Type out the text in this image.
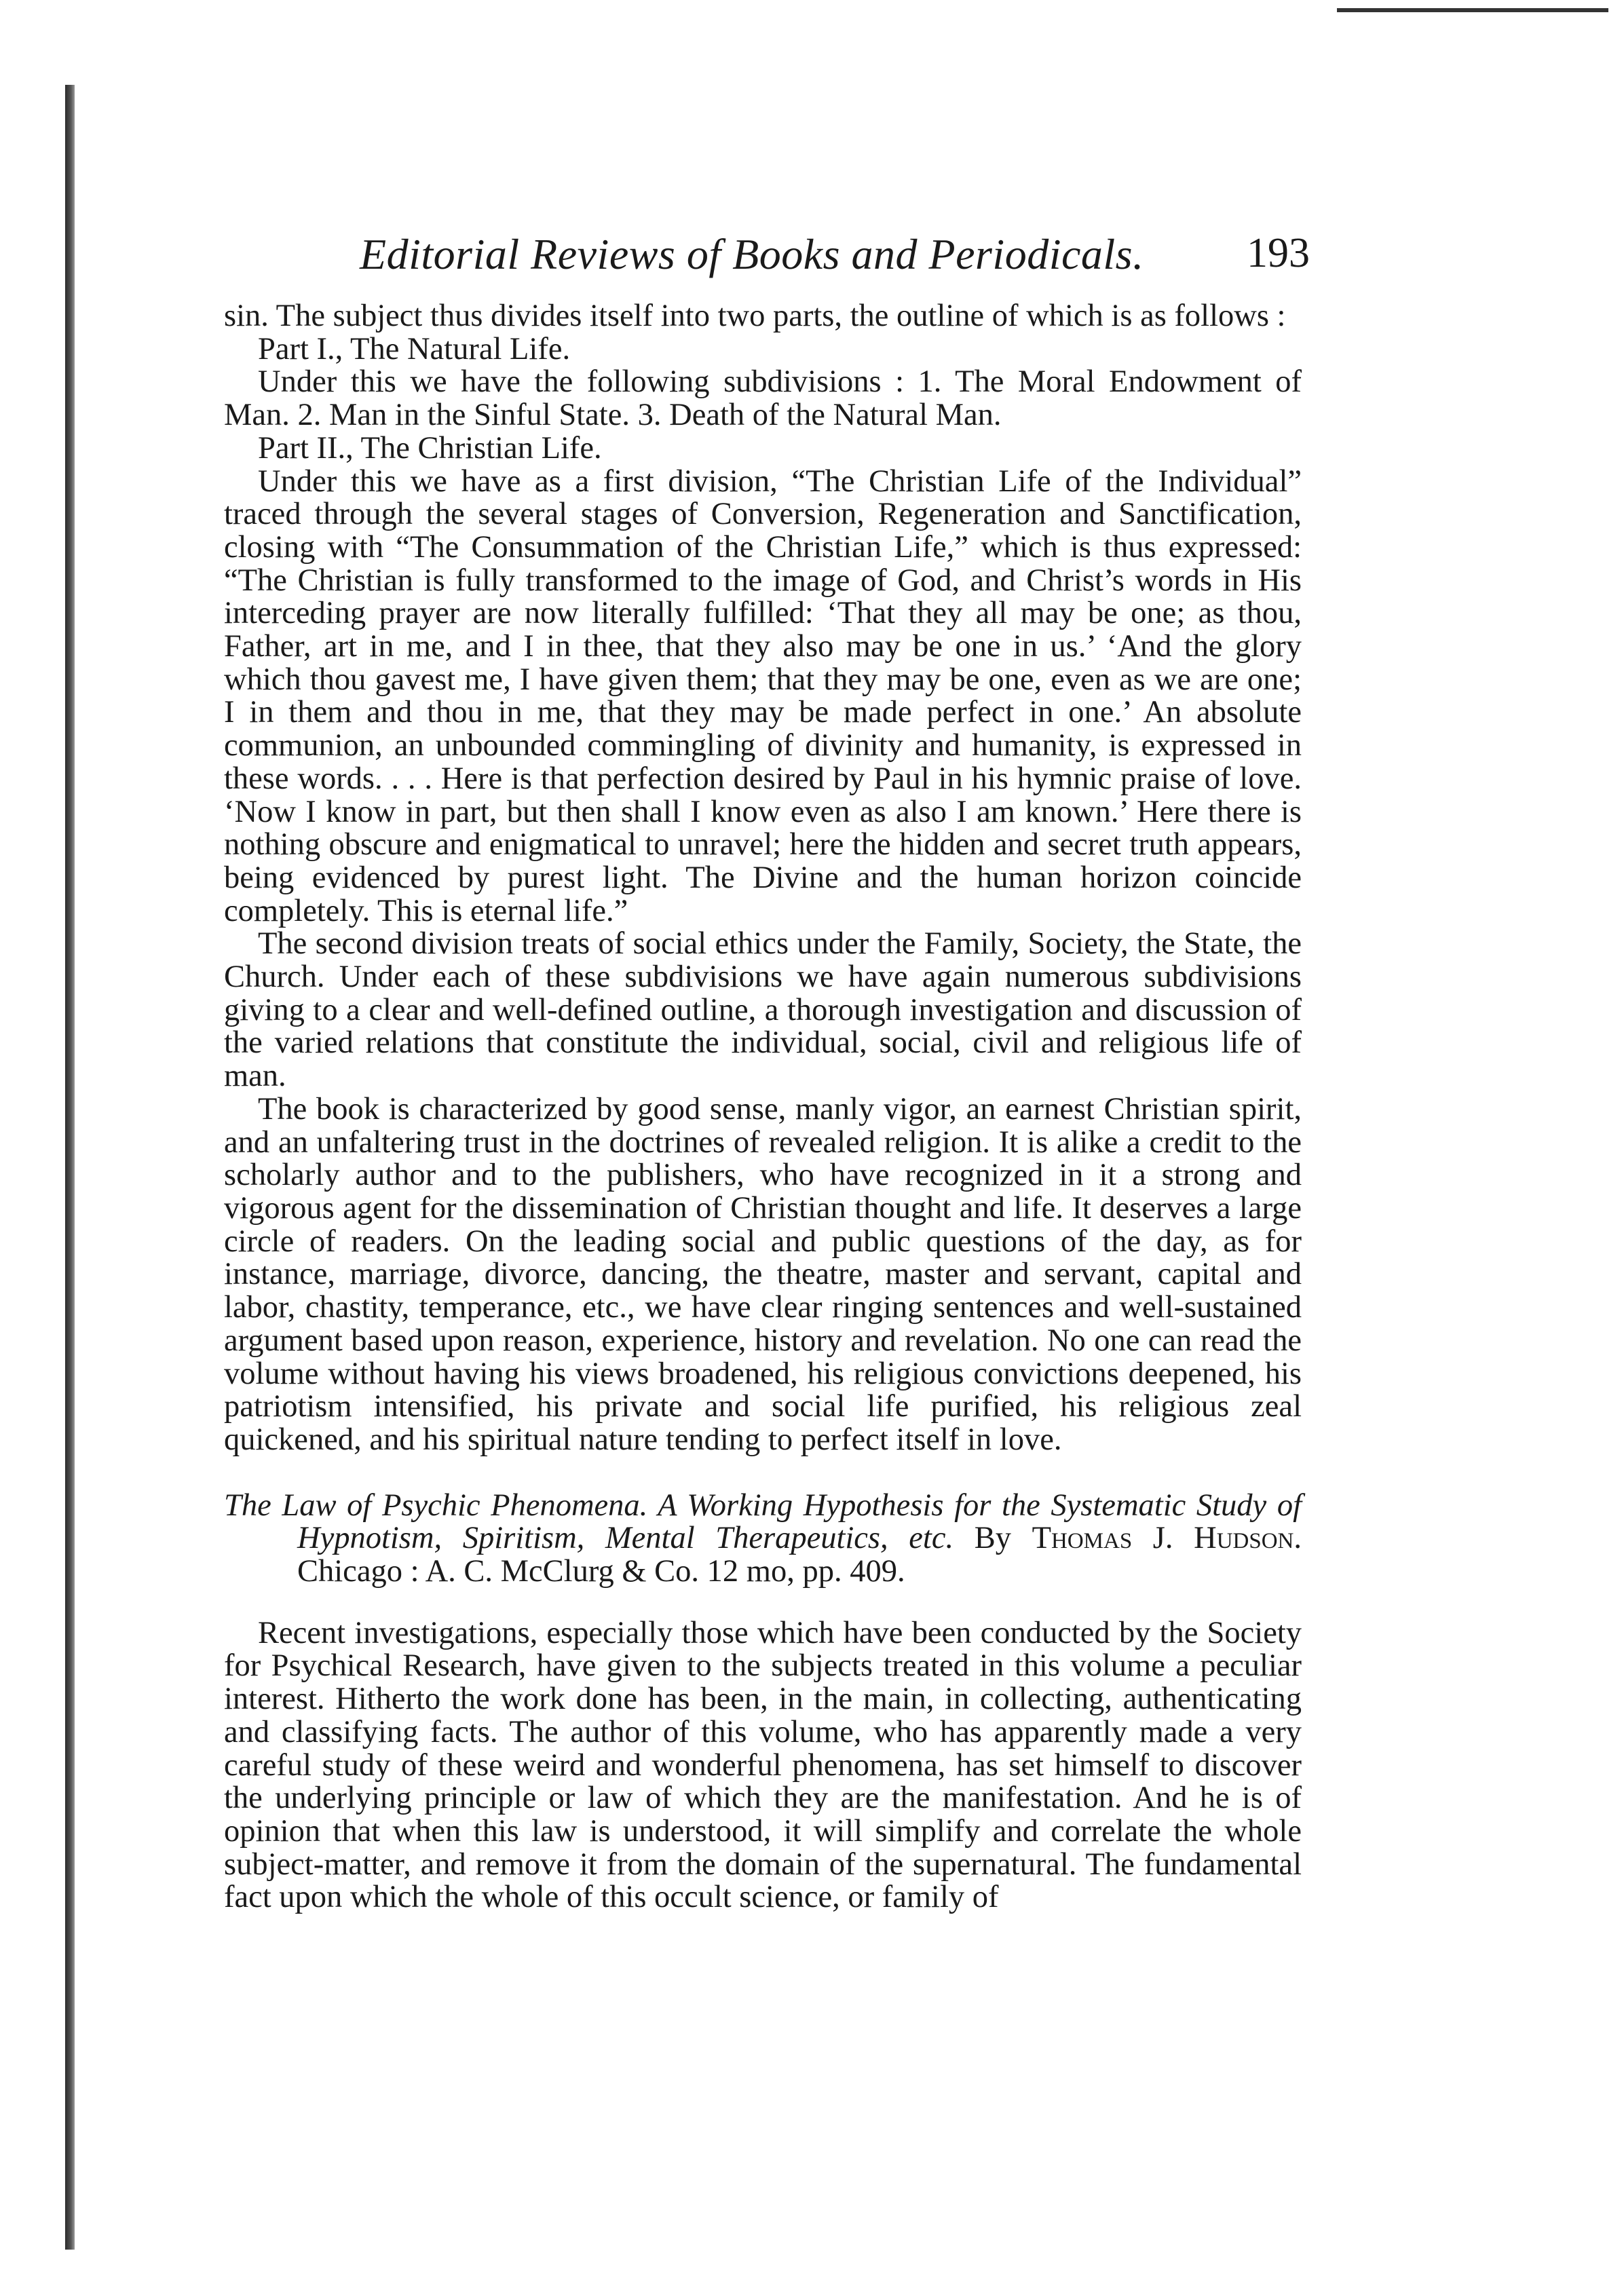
Editorial Reviews of Books and Periodicals. 193

sin. The subject thus divides itself into two parts, the outline of which is as follows :

Part I., The Natural Life.

Under this we have the following subdivisions : 1. The Moral Endowment of Man. 2. Man in the Sinful State. 3. Death of the Natural Man.

Part II., The Christian Life.

Under this we have as a first division, “The Christian Life of the Individual” traced through the several stages of Conversion, Regeneration and Sanctification, closing with “The Consummation of the Christian Life,” which is thus expressed: “The Christian is fully transformed to the image of God, and Christ’s words in His interceding prayer are now literally fulfilled: ‘That they all may be one; as thou, Father, art in me, and I in thee, that they also may be one in us.’ ‘And the glory which thou gavest me, I have given them; that they may be one, even as we are one; I in them and thou in me, that they may be made perfect in one.’ An absolute communion, an unbounded commingling of divinity and humanity, is expressed in these words. . . . Here is that perfection desired by Paul in his hymnic praise of love. ‘Now I know in part, but then shall I know even as also I am known.’ Here there is nothing obscure and enigmatical to unravel; here the hidden and secret truth appears, being evidenced by purest light. The Divine and the human horizon coincide completely. This is eternal life.”

The second division treats of social ethics under the Family, Society, the State, the Church. Under each of these subdivisions we have again numerous subdivisions giving to a clear and well-defined outline, a thorough investigation and discussion of the varied relations that constitute the individual, social, civil and religious life of man.

The book is characterized by good sense, manly vigor, an earnest Christian spirit, and an unfaltering trust in the doctrines of revealed religion. It is alike a credit to the scholarly author and to the publishers, who have recognized in it a strong and vigorous agent for the dissemination of Christian thought and life. It deserves a large circle of readers. On the leading social and public questions of the day, as for instance, marriage, divorce, dancing, the theatre, master and servant, capital and labor, chastity, temperance, etc., we have clear ringing sentences and well-sustained argument based upon reason, experience, history and revelation. No one can read the volume without having his views broadened, his religious convictions deepened, his patriotism intensified, his private and social life purified, his religious zeal quickened, and his spiritual nature tending to perfect itself in love.

The Law of Psychic Phenomena. A Working Hypothesis for the Systematic Study of Hypnotism, Spiritism, Mental Therapeutics, etc. By Thomas J. Hudson. Chicago : A. C. McClurg & Co. 12 mo, pp. 409.

Recent investigations, especially those which have been conducted by the Society for Psychical Research, have given to the subjects treated in this volume a peculiar interest. Hitherto the work done has been, in the main, in collecting, authenticating and classifying facts. The author of this volume, who has apparently made a very careful study of these weird and wonderful phenomena, has set himself to discover the underlying principle or law of which they are the manifestation. And he is of opinion that when this law is understood, it will simplify and correlate the whole subject-matter, and remove it from the domain of the supernatural. The fundamental fact upon which the whole of this occult science, or family of
